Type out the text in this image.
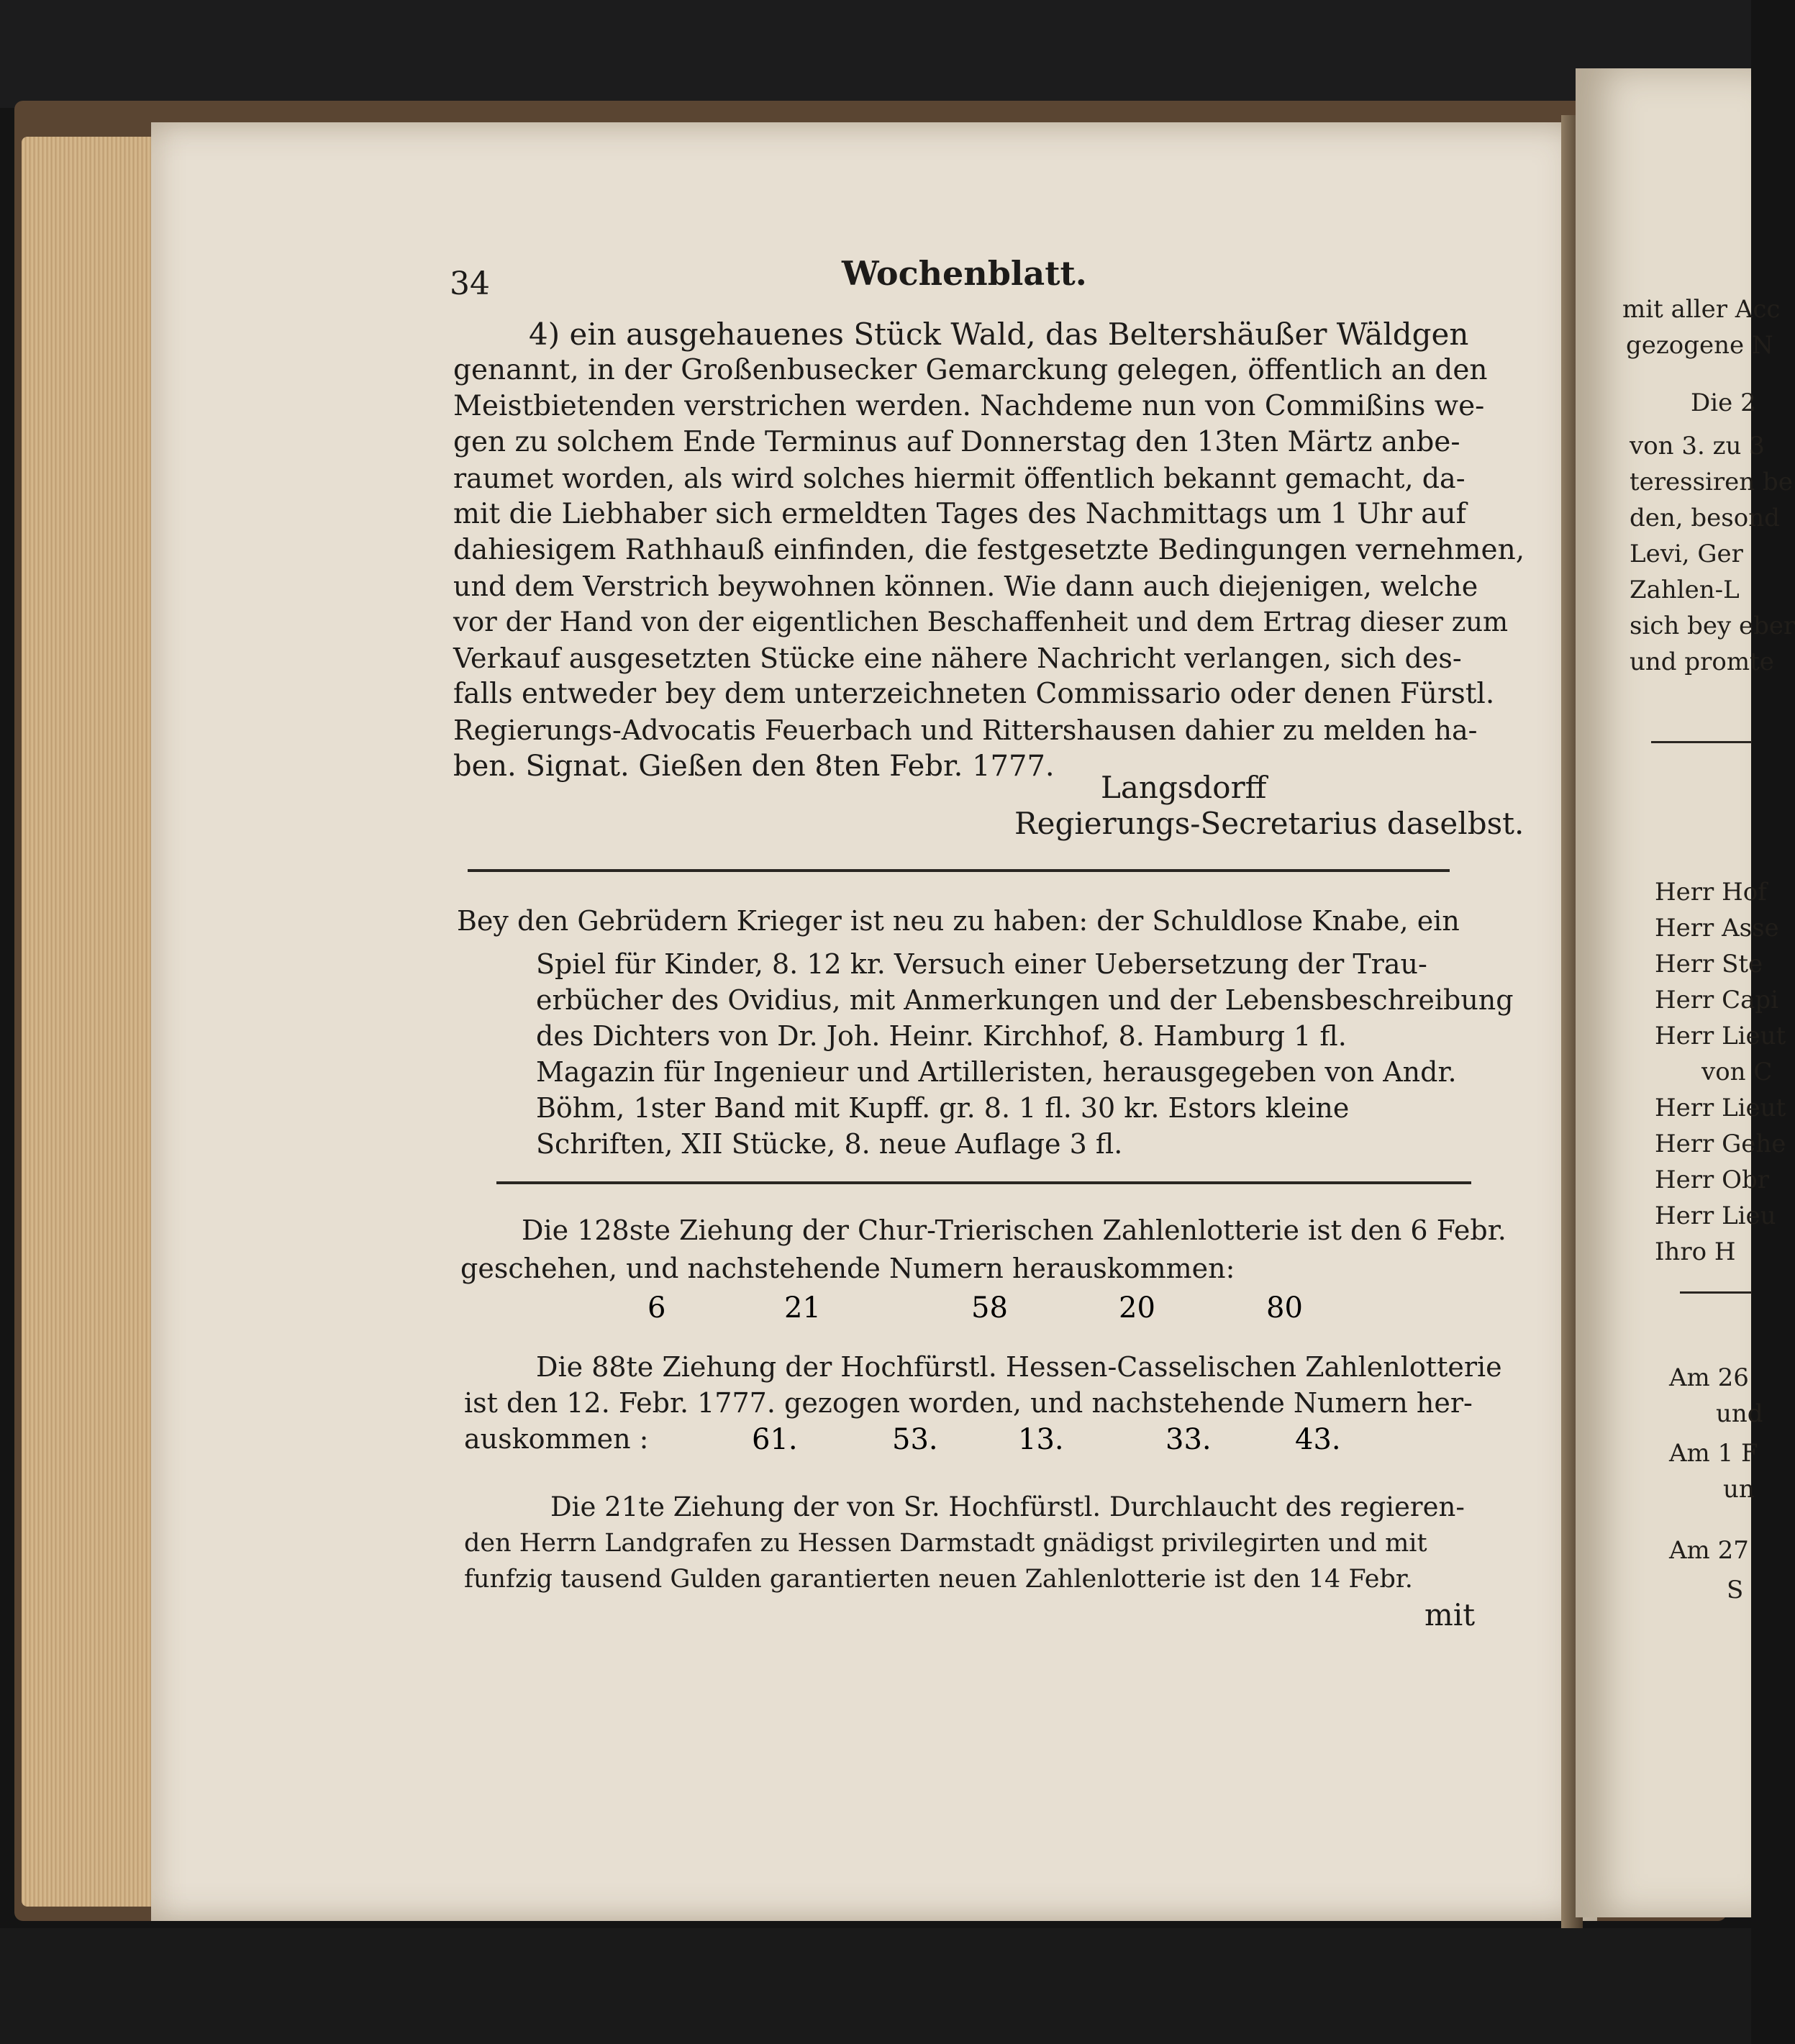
34	Wochenblatt.
4) ein ausgehauenes Stück Wald, das Beltershäußer Wäldgen
genannt, in der Großenbusecker Gemarckung gelegen, öffentlich an den
Meistbietenden verstrichen werden. Nachdeme nun von Commißins we-
gen zu solchem Ende Terminus auf Donnerstag den 13ten Märtz anbe-
raumet worden, als wird solches hiermit öffentlich bekannt gemacht, da-
mit die Liebhaber sich ermeldten Tages des Nachmittags um 1 Uhr auf
dahiesigem Rathhauß einfinden, die festgesetzte Bedingungen vernehmen,
und dem Verstrich beywohnen können. Wie dann auch diejenigen, welche
vor der Hand von der eigentlichen Beschaffenheit und dem Ertrag dieser zum
Verkauf ausgesetzten Stücke eine nähere Nachricht verlangen, sich des-
falls entweder bey dem unterzeichneten Commissario oder denen Fürstl.
Regierungs-Advocatis Feuerbach und Rittershausen dahier zu melden ha-
ben. Signat. Gießen den 8ten Febr. 1777.
Langsdorff
Regierungs-Secretarius daselbst.
Bey den Gebrüdern Krieger ist neu zu haben: der Schuldlose Knabe, ein
Spiel für Kinder, 8. 12 kr. Versuch einer Uebersetzung der Trau-
erbücher des Ovidius, mit Anmerkungen und der Lebensbeschreibung
des Dichters von Dr. Joh. Heinr. Kirchhof, 8. Hamburg 1 fl.
Magazin für Ingenieur und Artilleristen, herausgegeben von Andr.
Böhm, 1ster Band mit Kupff. gr. 8. 1 fl. 30 kr. Estors kleine
Schriften, XII Stücke, 8. neue Auflage 3 fl.
Die 128ste Ziehung der Chur-Trierischen Zahlenlotterie ist den 6 Febr.
geschehen, und nachstehende Numern herauskommen:
6	21	58	20	80
Die 88te Ziehung der Hochfürstl. Hessen-Casselischen Zahlenlotterie
ist den 12. Febr. 1777. gezogen worden, und nachstehende Numern her-
auskommen :	61.	53.	13.	33.	43.
Die 21te Ziehung der von Sr. Hochfürstl. Durchlaucht des regieren-
den Herrn Landgrafen zu Hessen Darmstadt gnädigst privilegirten und mit
funfzig tausend Gulden garantierten neuen Zahlenlotterie ist den 14 Febr.
mit
mit aller Acc
gezogene N
Die 2
von 3. zu 3
teressiren be
den, besond
Levi, Ger
Zahlen-L
sich bey eber
und promte
Herr Hof
Herr Asse
Herr Ste
Herr Capi
Herr Lieut
von C
Herr Lieut
Herr Gehe
Herr Obr
Herr Lieu
Ihro H
Am 26
und
Am 1 F
un
Am 27
S
